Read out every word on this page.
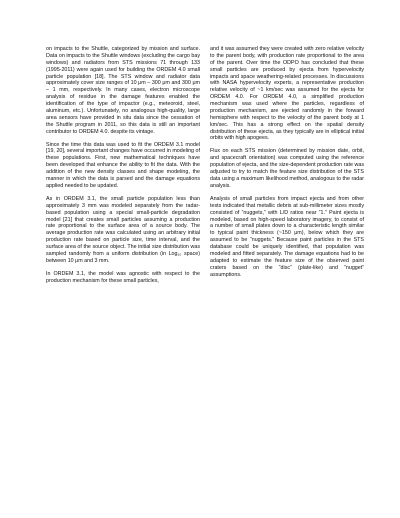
on impacts to the Shuttle, categorized by mission and surface. Data on impacts to the Shuttle windows (excluding the cargo bay windows) and radiators from STS missions 71 through 133 (1995-2011) were again used for building the ORDEM 4.0 small particle population [18]. The STS window and radiator data approximately cover size ranges of 10 μm – 300 μm and 300 μm – 1 mm, respectively. In many cases, electron microscope analysis of residue in the damage features enabled the identification of the type of impactor (e.g., meteoroid, steel, aluminum, etc.). Unfortunately, no analogous high-quality, large area sensors have provided in situ data since the cessation of the Shuttle program in 2011, so this data is still an important contributor to ORDEM 4.0. despite its vintage.

Since the time this data was used to fit the ORDEM 3.1 model [19, 20], several important changes have occurred in modeling of these populations. First, new mathematical techniques have been developed that enhance the ability to fit the data. With the addition of the new density classes and shape modeling, the manner in which the data is parsed and the damage equations applied needed to be updated.

As in ORDEM 3.1, the small particle population less than approximately 3 mm was modeled separately from the radar-based population using a special small-particle degradation model [21] that creates small particles assuming a production rate proportional to the surface area of a source body. The average production rate was calculated using an arbitrary initial production rate based on particle size, time interval, and the surface area of the source object. The initial size distribution was sampled randomly from a uniform distribution (in Log₁₀ space) between 10 μm and 3 mm.

In ORDEM 3.1, the model was agnostic with respect to the production mechanism for these small particles,

and it was assumed they were created with zero relative velocity to the parent body, with production rate proportional to the area of the parent. Over time the ODPO has concluded that these small particles are produced by ejecta from hypervelocity impacts and space weathering-related processes. In discussions with NASA hypervelocity experts, a representative production relative velocity of ~1 km/sec was assumed for the ejecta for ORDEM 4.0. For ORDEM 4.0, a simplified production mechanism was used where the particles, regardless of production mechanism, are ejected randomly in the forward hemisphere with respect to the velocity of the parent body at 1 km/sec. This has a strong effect on the spatial density distribution of these ejecta, as they typically are in elliptical initial orbits with high apogees.

Flux on each STS mission (determined by mission date, orbit, and spacecraft orientation) was computed using the reference population of ejecta, and the size-dependent production rate was adjusted to try to match the feature size distribution of the STS data using a maximum likelihood method, analogous to the radar analysis.

Analysis of small particles from impact ejecta and from other tests indicated that metallic debris at sub-millimeter sizes mostly consisted of “nuggets,” with L/D ratios near “1.” Paint ejecta is modeled, based on high-speed laboratory imagery, to consist of a number of small plates down to a characteristic length similar to typical paint thickness (~150 μm), below which they are assumed to be “nuggets.” Because paint particles in the STS database could be uniquely identified, that population was modeled and fitted separately. The damage equations had to be adapted to estimate the feature size of the observed paint craters based on the “disc” (plate-like) and “nugget” assumptions.
